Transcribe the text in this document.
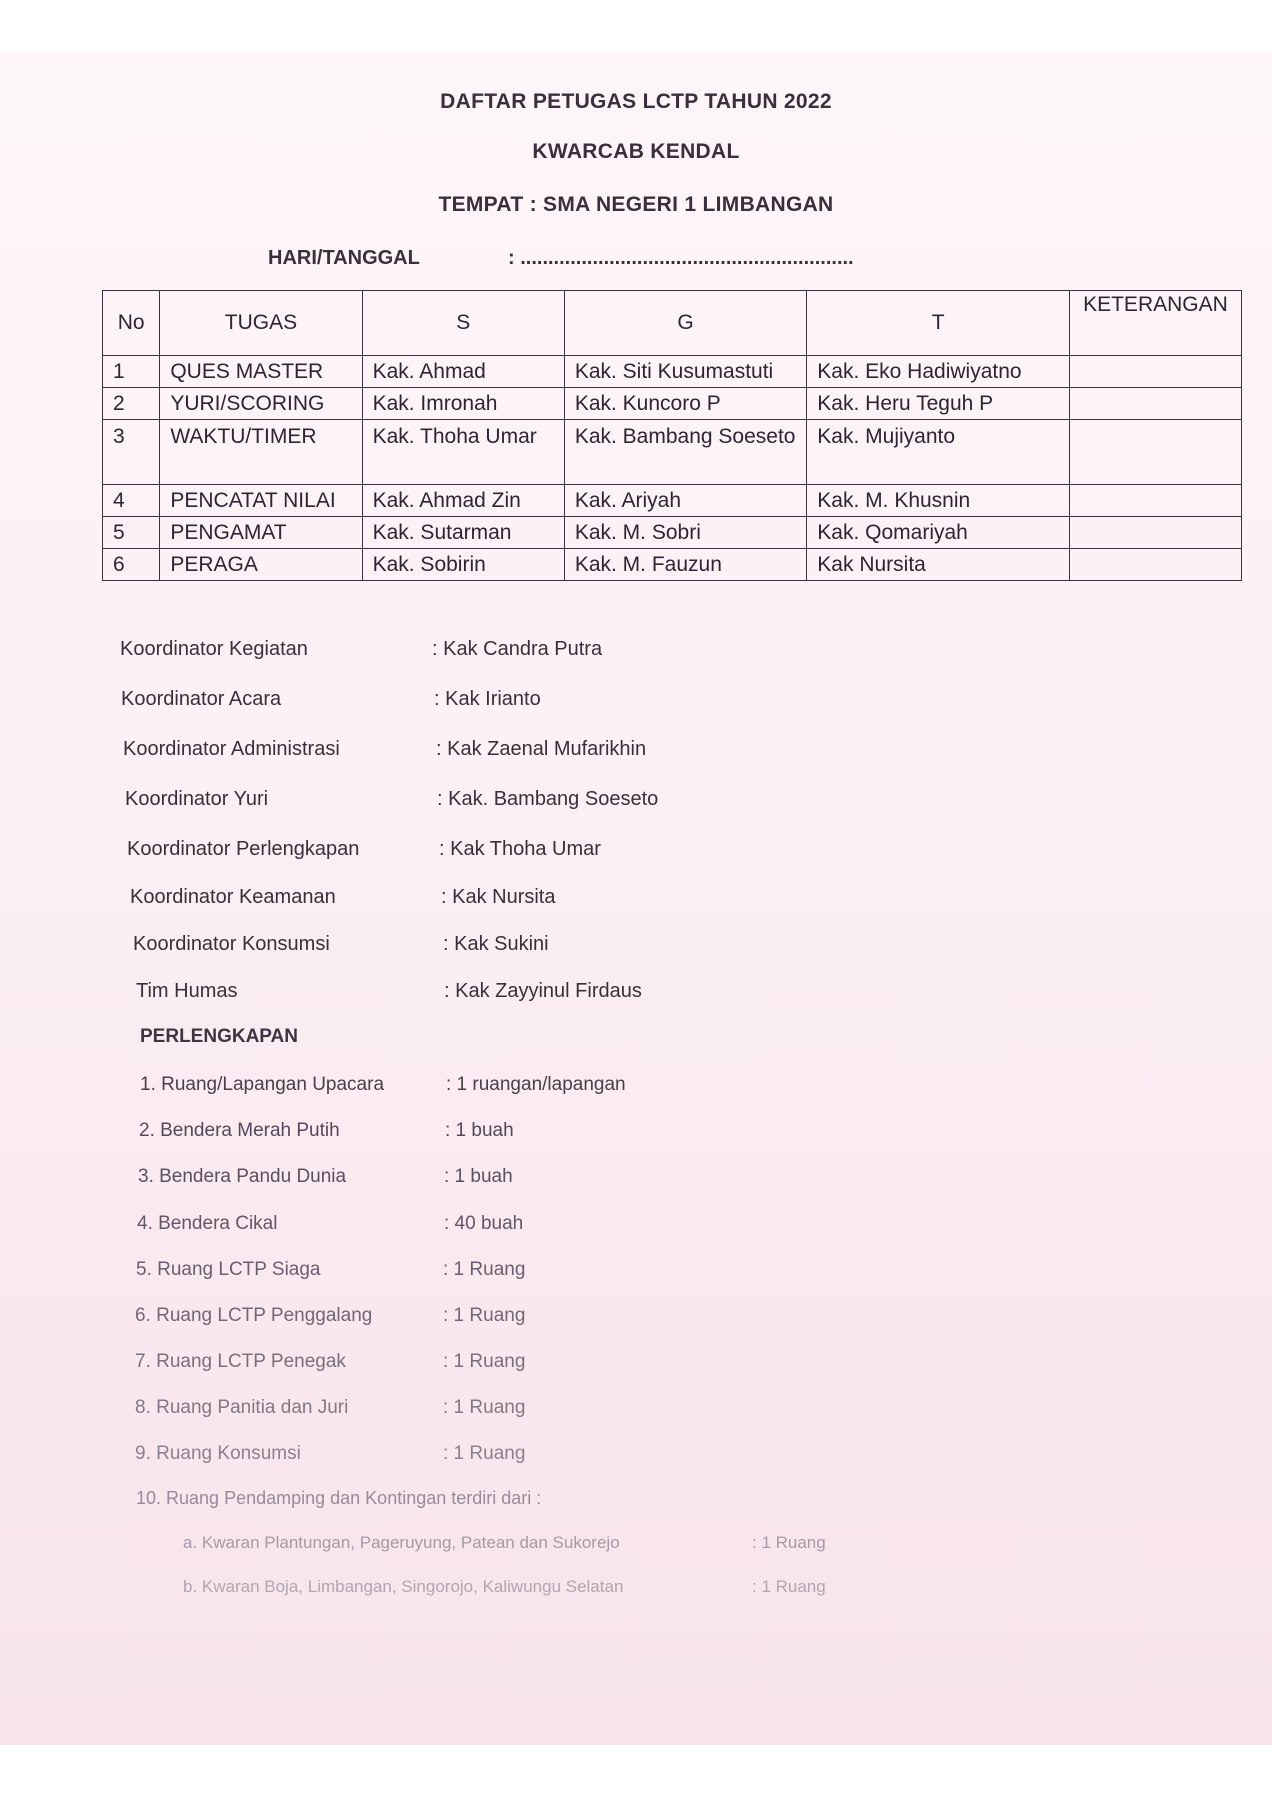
DAFTAR PETUGAS LCTP TAHUN 2022
KWARCAB KENDAL
TEMPAT : SMA NEGERI 1 LIMBANGAN
HARI/TANGGAL	: ............................................................
No	TUGAS	S	G	T	KETERANGAN
1	QUES MASTER	Kak. Ahmad	Kak. Siti Kusumastuti	Kak. Eko Hadiwiyatno	
2	YURI/SCORING	Kak. Imronah	Kak. Kuncoro P	Kak. Heru Teguh P	
3	WAKTU/TIMER	Kak. Thoha Umar	Kak. Bambang Soeseto	Kak. Mujiyanto	
4	PENCATAT NILAI	Kak. Ahmad Zin	Kak. Ariyah	Kak. M. Khusnin	
5	PENGAMAT	Kak. Sutarman	Kak. M. Sobri	Kak. Qomariyah	
6	PERAGA	Kak. Sobirin	Kak. M. Fauzun	Kak Nursita	
Koordinator Kegiatan	: Kak Candra Putra
Koordinator Acara	: Kak Irianto
Koordinator Administrasi	: Kak Zaenal Mufarikhin
Koordinator Yuri	: Kak. Bambang Soeseto
Koordinator Perlengkapan	: Kak Thoha Umar
Koordinator Keamanan	: Kak Nursita
Koordinator Konsumsi	: Kak Sukini
Tim Humas	: Kak Zayyinul Firdaus
PERLENGKAPAN
1. Ruang/Lapangan Upacara	: 1 ruangan/lapangan
2. Bendera Merah Putih	: 1 buah
3. Bendera Pandu Dunia	: 1 buah
4. Bendera Cikal	: 40 buah
5. Ruang LCTP Siaga	: 1 Ruang
6. Ruang LCTP Penggalang	: 1 Ruang
7. Ruang LCTP Penegak	: 1 Ruang
8. Ruang Panitia dan Juri	: 1 Ruang
9. Ruang Konsumsi	: 1 Ruang
10. Ruang Pendamping dan Kontingan terdiri dari :
a. Kwaran Plantungan, Pageruyung, Patean dan Sukorejo	: 1 Ruang
b. Kwaran Boja, Limbangan, Singorojo, Kaliwungu Selatan	: 1 Ruang
